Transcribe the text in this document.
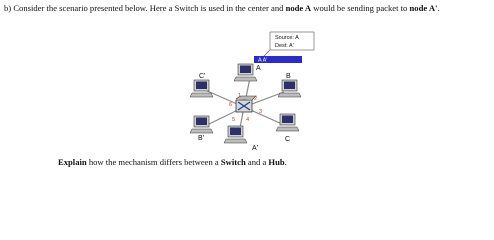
b) Consider the scenario presented below. Here a Switch is used in the center and node A would be sending packet to node A'.
Source: A
Dest: A'
A A'
1 2
3
4
5
6
A
B
C
A'
B'
C'
Explain how the mechanism differs between a Switch and a Hub.
